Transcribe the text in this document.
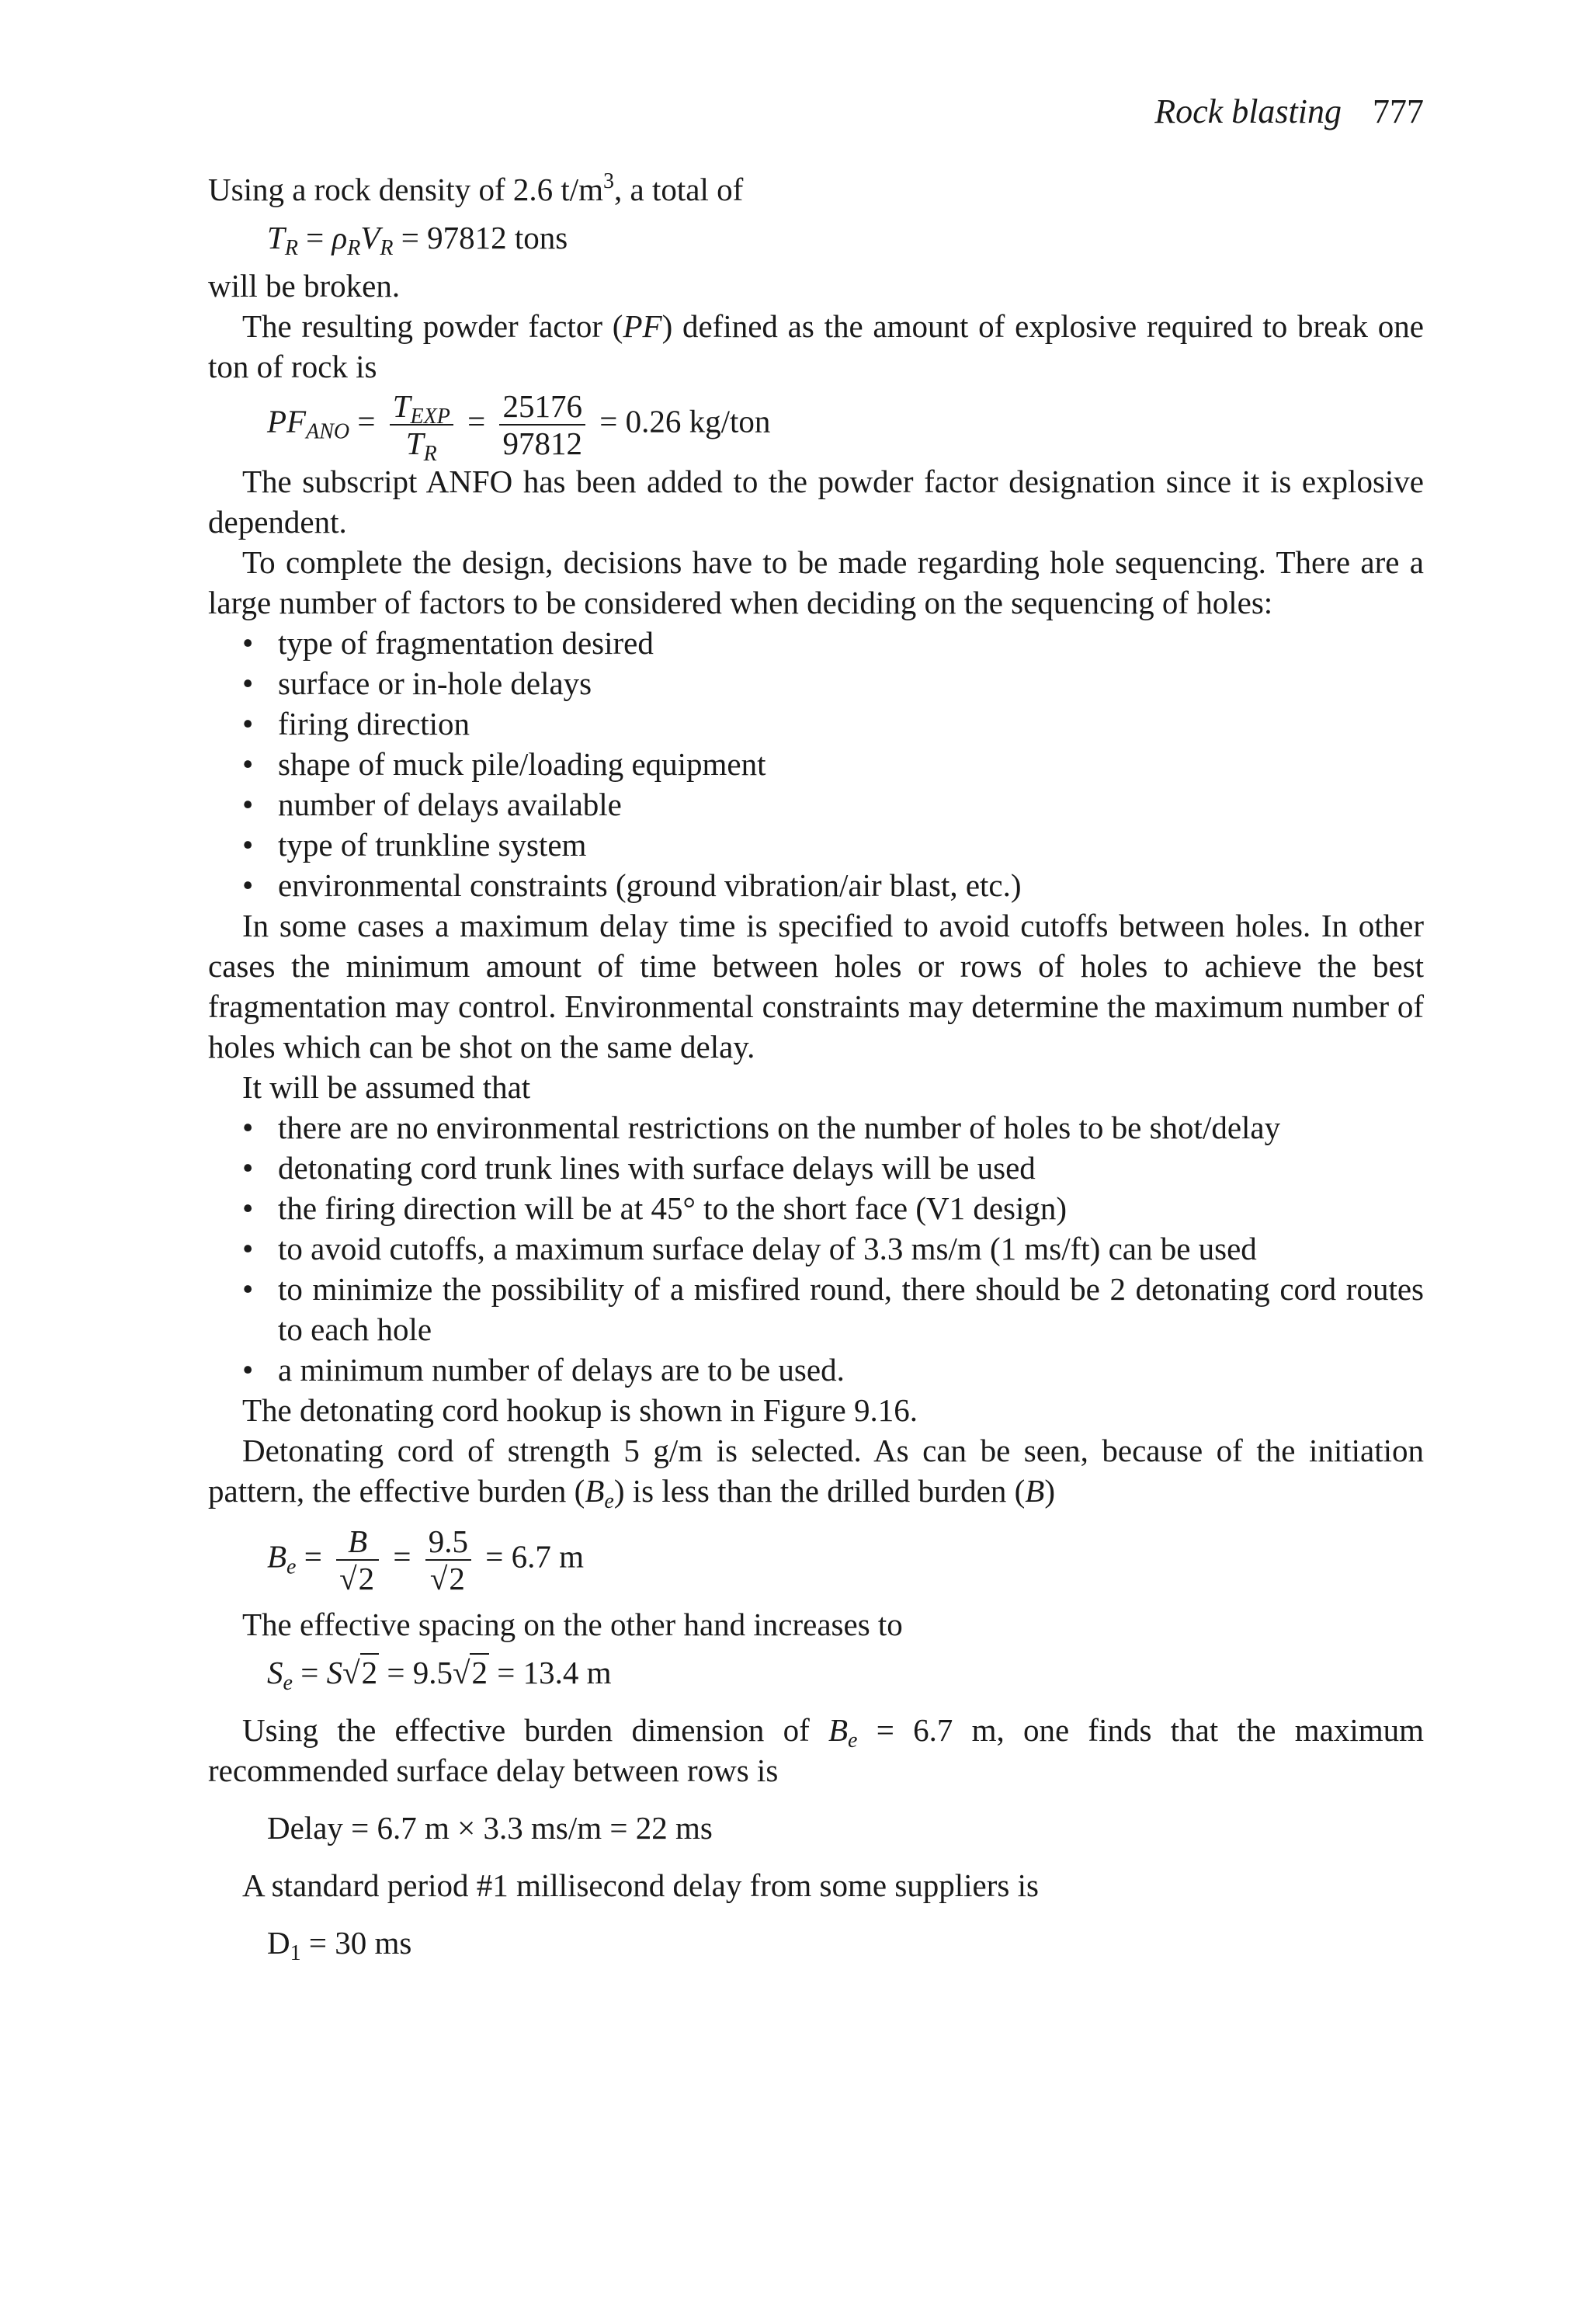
Rock blasting 777

Using a rock density of 2.6 $t/m^3$, a total of

$T_R = \rho_RV_R = 97812$ tons

will be broken.

The resulting powder factor (PF) defined as the amount of explosive required to break one ton of rock is

$PF_{ANO} = \frac{T_{EXP}}{T_R} = \frac{25176}{97812} = 0.26$ kg/ton

The subscript ANFO has been added to the powder factor designation since it is explosive dependent.

To complete the design, decisions have to be made regarding hole sequencing. There are a large number of factors to be considered when deciding on the sequencing of holes:

• type of fragmentation desired
• surface or in-hole delays
• firing direction
• shape of muck pile/loading equipment
• number of delays available
• type of trunkline system
• environmental constraints (ground vibration/air blast, etc.)

In some cases a maximum delay time is specified to avoid cutoffs between holes. In other cases the minimum amount of time between holes or rows of holes to achieve the best fragmentation may control. Environmental constraints may determine the maximum number of holes which can be shot on the same delay.

It will be assumed that

• there are no environmental restrictions on the number of holes to be shot/delay
• detonating cord trunk lines with surface delays will be used
• the firing direction will be at 45° to the short face (V1 design)
• to avoid cutoffs, a maximum surface delay of 3.3 ms/m (1 ms/ft) can be used
• to minimize the possibility of a misfired round, there should be 2 detonating cord routes to each hole
• a minimum number of delays are to be used.

The detonating cord hookup is shown in Figure 9.16.

Detonating cord of strength 5 g/m is selected. As can be seen, because of the initiation pattern, the effective burden $(B_e)$ is less than the drilled burden (B)

$B_e = \frac{B}{√2} = \frac{9.5}{√2} = 6.7$ m

The effective spacing on the other hand increases to

$S_e = S√2 = 9.5√2 = 13.4$ m

Using the effective burden dimension of $B_e = 6.7$ m, one finds that the maximum recommended surface delay between rows is

Delay = 6.7 m × 3.3 ms/m = 22 ms

A standard period #1 millisecond delay from some suppliers is

$D_1 = 30$ ms
